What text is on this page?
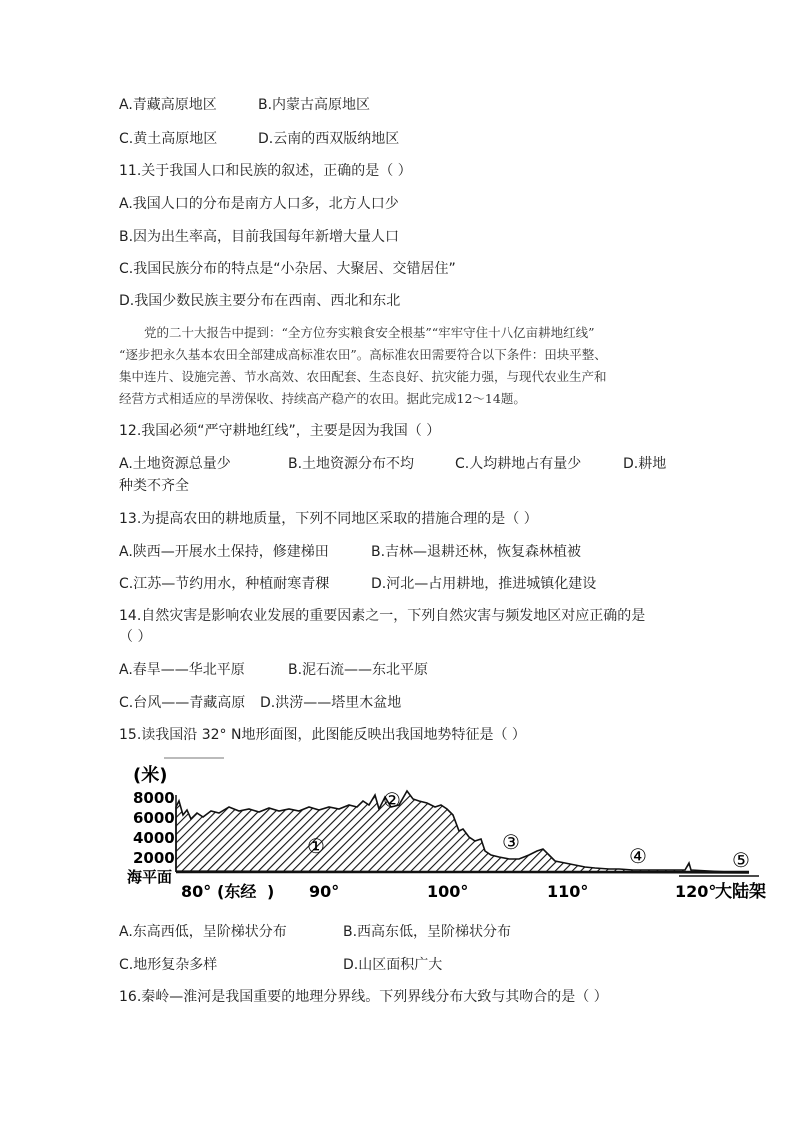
A.青藏高原地区	B.内蒙古高原地区
C.黄土高原地区	D.云南的西双版纳地区
11.关于我国人口和民族的叙述，正确的是（ ）
A.我国人口的分布是南方人口多，北方人口少
B.因为出生率高，目前我国每年新增大量人口
C.我国民族分布的特点是“小杂居、大聚居、交错居住”
D.我国少数民族主要分布在西南、西北和东北

党的二十大报告中提到：“全方位夯实粮食安全根基”“牢牢守住十八亿亩耕地红线”

“逐步把永久基本农田全部建成高标准农田”。高标准农田需要符合以下条件：田块平整、
集中连片、设施完善、节水高效、农田配套、生态良好、抗灾能力强，与现代农业生产和
经营方式相适应的旱涝保收、持续高产稳产的农田。据此完成12～14题。
12.我国必须“严守耕地红线”，主要是因为我国（ ）
A.土地资源总量少	B.土地资源分布不均	C.人均耕地占有量少	D.耕地
种类不齐全
13.为提高农田的耕地质量，下列不同地区采取的措施合理的是（ ）
A.陕西—开展水土保持，修建梯田	B.吉林—退耕还林，恢复森林植被
C.江苏—节约用水，种植耐寒青稞	D.河北—占用耕地，推进城镇化建设
14.自然灾害是影响农业发展的重要因素之一，下列自然灾害与频发地区对应正确的是
（ ）
A.春旱——华北平原	B.泥石流——东北平原
C.台风——青藏高原 D.洪涝——塔里木盆地
15.读我国沿 32° N地形面图，此图能反映出我国地势特征是（ ）
(米)
8000
6000
4000
2000
海平面
①
②
③
④	⑤
80° (东经 ) 90°	100°	110°	120°
大陆架
A.东高西低，呈阶梯状分布	B.西高东低，呈阶梯状分布
C.地形复杂多样	D.山区面积广大
16.秦岭—淮河是我国重要的地理分界线。下列界线分布大致与其吻合的是（ ）
